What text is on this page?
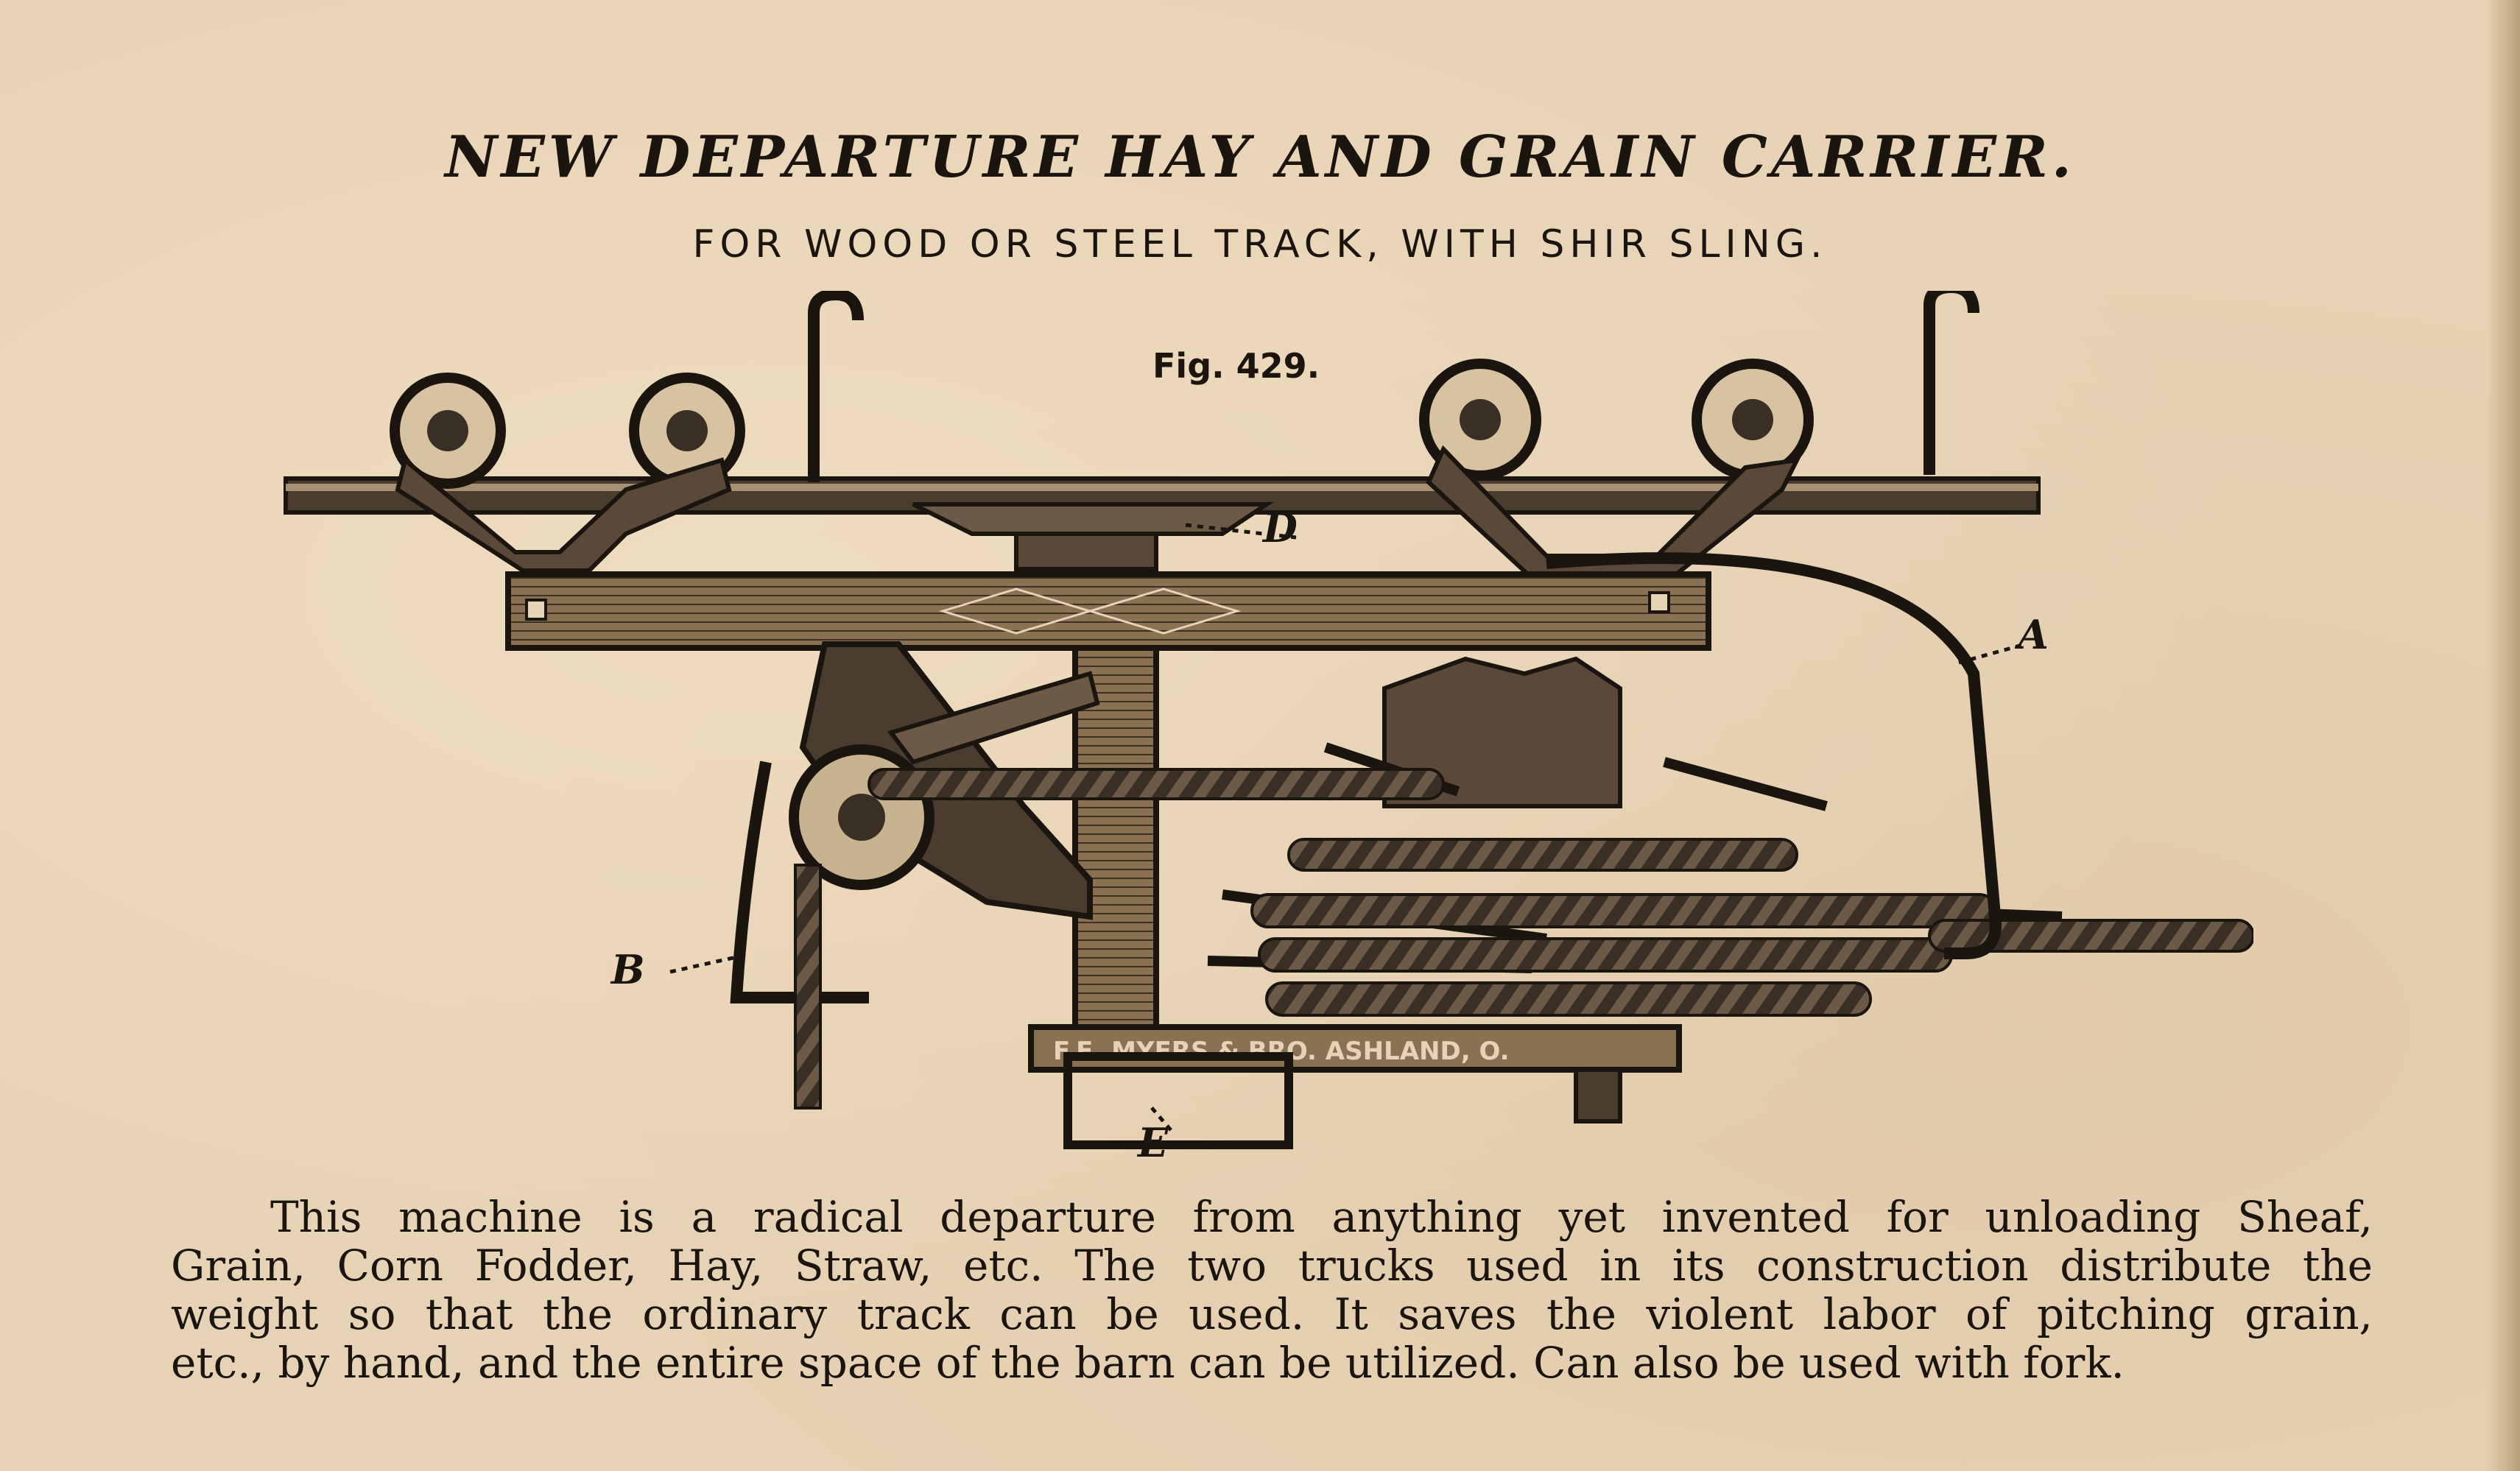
NEW DEPARTURE HAY AND GRAIN CARRIER.
FOR WOOD OR STEEL TRACK, WITH SHIR SLING.
Fig. 429.
F.E. MYERS & BRO. ASHLAND, O.
D
A
B
E
This machine is a radical departure from anything yet invented for unloading Sheaf,
Grain, Corn Fodder, Hay, Straw, etc. The two trucks used in its construction distribute the
weight so that the ordinary track can be used. It saves the violent labor of pitching grain,
etc., by hand, and the entire space of the barn can be utilized. Can also be used with fork.
